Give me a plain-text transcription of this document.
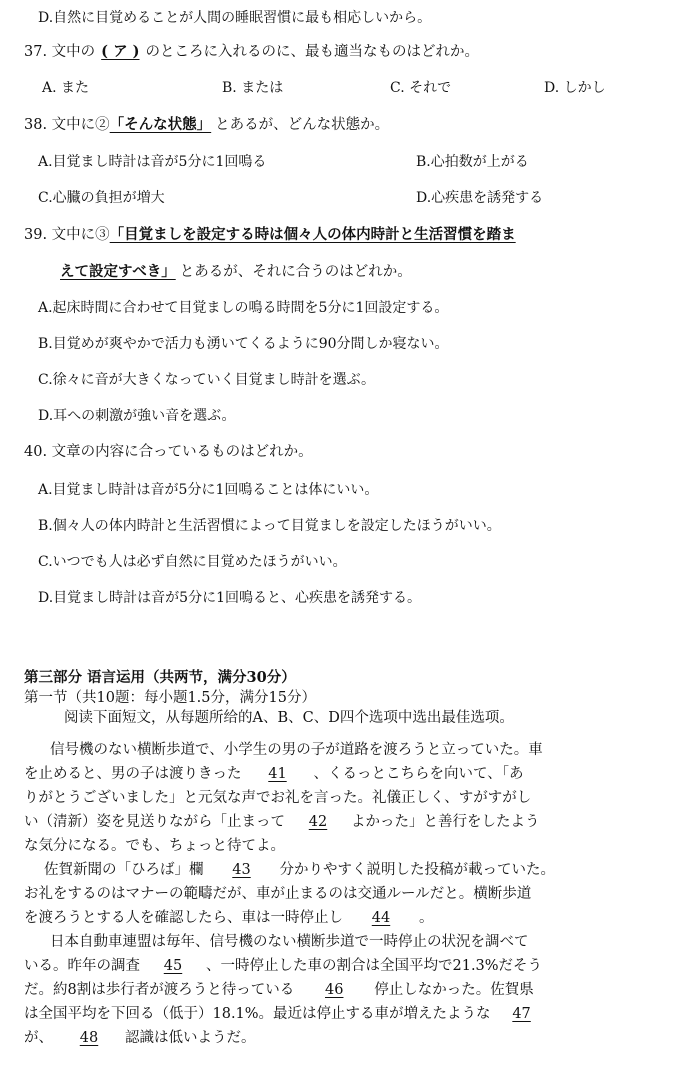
D.自然に目覚めることが人間の睡眠習慣に最も相応しいから。
37. 文中の ( ア ) のところに入れるのに、最も適当なものはどれか。
A. また	B. または	C. それで	D. しかし
38. 文中に②「そんな状態」 とあるが、どんな状態か。
A.目覚まし時計は音が5分に1回鳴る	B.心拍数が上がる
C.心臓の負担が増大	D.心疾患を誘発する
39. 文中に③「目覚ましを設定する時は個々人の体内時計と生活習慣を踏ま
えて設定すべき」 とあるが、それに合うのはどれか。
A.起床時間に合わせて目覚ましの鳴る時間を5分に1回設定する。
B.目覚めが爽やかで活力も湧いてくるように90分間しか寝ない。
C.徐々に音が大きくなっていく目覚まし時計を選ぶ。
D.耳への刺激が強い音を選ぶ。
40. 文章の内容に合っているものはどれか。
A.目覚まし時計は音が5分に1回鳴ることは体にいい。
B.個々人の体内時計と生活習慣によって目覚ましを設定したほうがいい。
C.いつでも人は必ず自然に目覚めたほうがいい。
D.目覚まし時計は音が5分に1回鳴ると、心疾患を誘発する。
第三部分 语言运用（共两节，满分30分）
第一节（共10题：每小题1.5分，满分15分）
阅读下面短文，从每题所给的A、B、C、D四个选项中选出最佳选项。
信号機のない横断歩道で、小学生の男の子が道路を渡ろうと立っていた。車
を止めると、男の子は渡りきった 41 、くるっとこちらを向いて、「あ
りがとうございました」と元気な声でお礼を言った。礼儀正しく、すがすがし
い（清新）姿を見送りながら「止まって 42 よかった」と善行をしたよう
な気分になる。でも、ちょっと待てよ。
佐賀新聞の「ひろば」欄 43 分かりやすく説明した投稿が載っていた。
お礼をするのはマナーの範疇だが、車が止まるのは交通ルールだと。横断歩道
を渡ろうとする人を確認したら、車は一時停止し 44 。
日本自動車連盟は毎年、信号機のない横断歩道で一時停止の状況を調べて
いる。昨年の調査 45 、一時停止した車の割合は全国平均で21.3%だそう
だ。約8割は歩行者が渡ろうと待っている 46 停止しなかった。佐賀県
は全国平均を下回る（低于）18.1%。最近は停止する車が増えたような 47
が、 48 認識は低いようだ。
